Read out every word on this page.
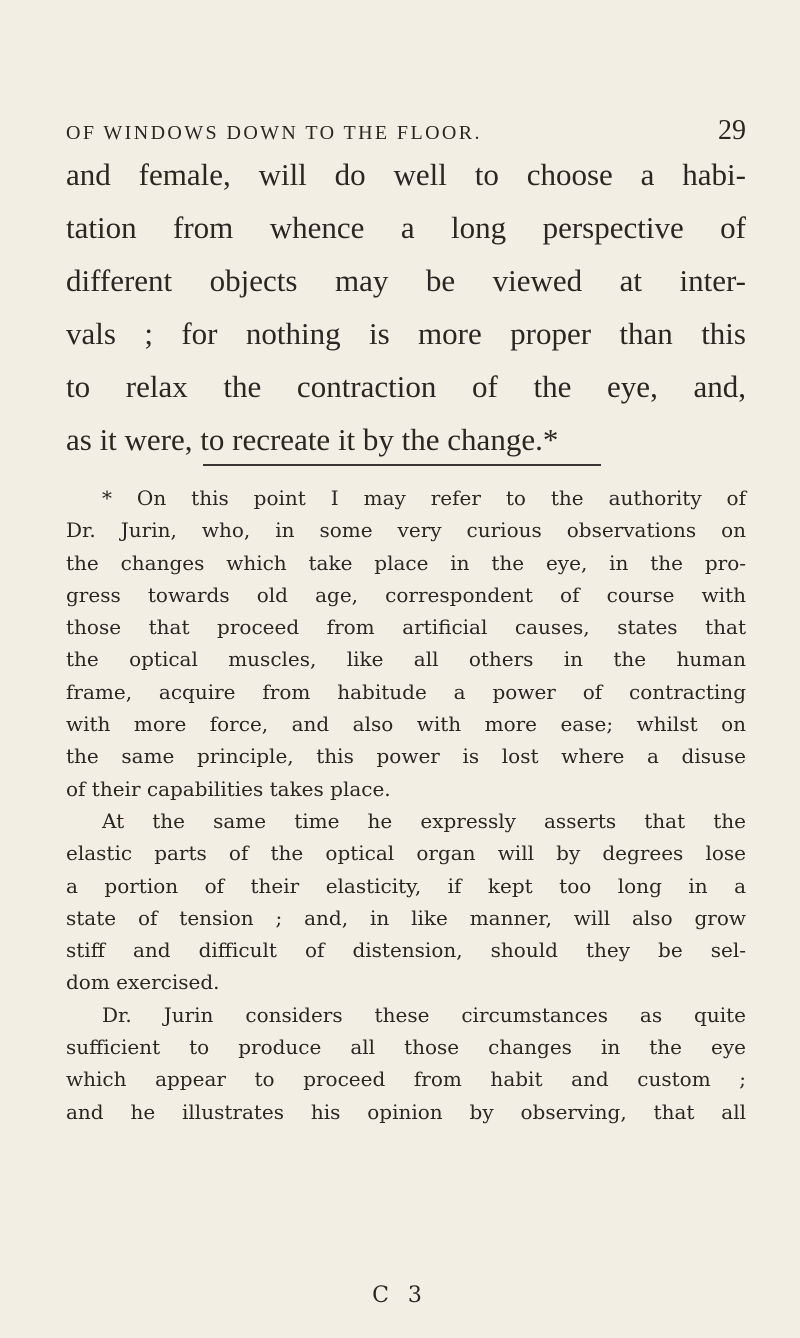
OF WINDOWS DOWN TO THE FLOOR.	29
and female, will do well to choose a habi-
tation from whence a long perspective of
different objects may be viewed at inter-
vals ; for nothing is more proper than this
to relax the contraction of the eye, and,
as it were, to recreate it by the change.*
* On this point I may refer to the authority of
Dr. Jurin, who, in some very curious observations on
the changes which take place in the eye, in the pro-
gress towards old age, correspondent of course with
those that proceed from artificial causes, states that
the optical muscles, like all others in the human
frame, acquire from habitude a power of contracting
with more force, and also with more ease; whilst on
the same principle, this power is lost where a disuse
of their capabilities takes place.
At the same time he expressly asserts that the
elastic parts of the optical organ will by degrees lose
a portion of their elasticity, if kept too long in a
state of tension ; and, in like manner, will also grow
stiff and difficult of distension, should they be sel-
dom exercised.
Dr. Jurin considers these circumstances as quite
sufficient to produce all those changes in the eye
which appear to proceed from habit and custom ;
and he illustrates his opinion by observing, that all
C 3
